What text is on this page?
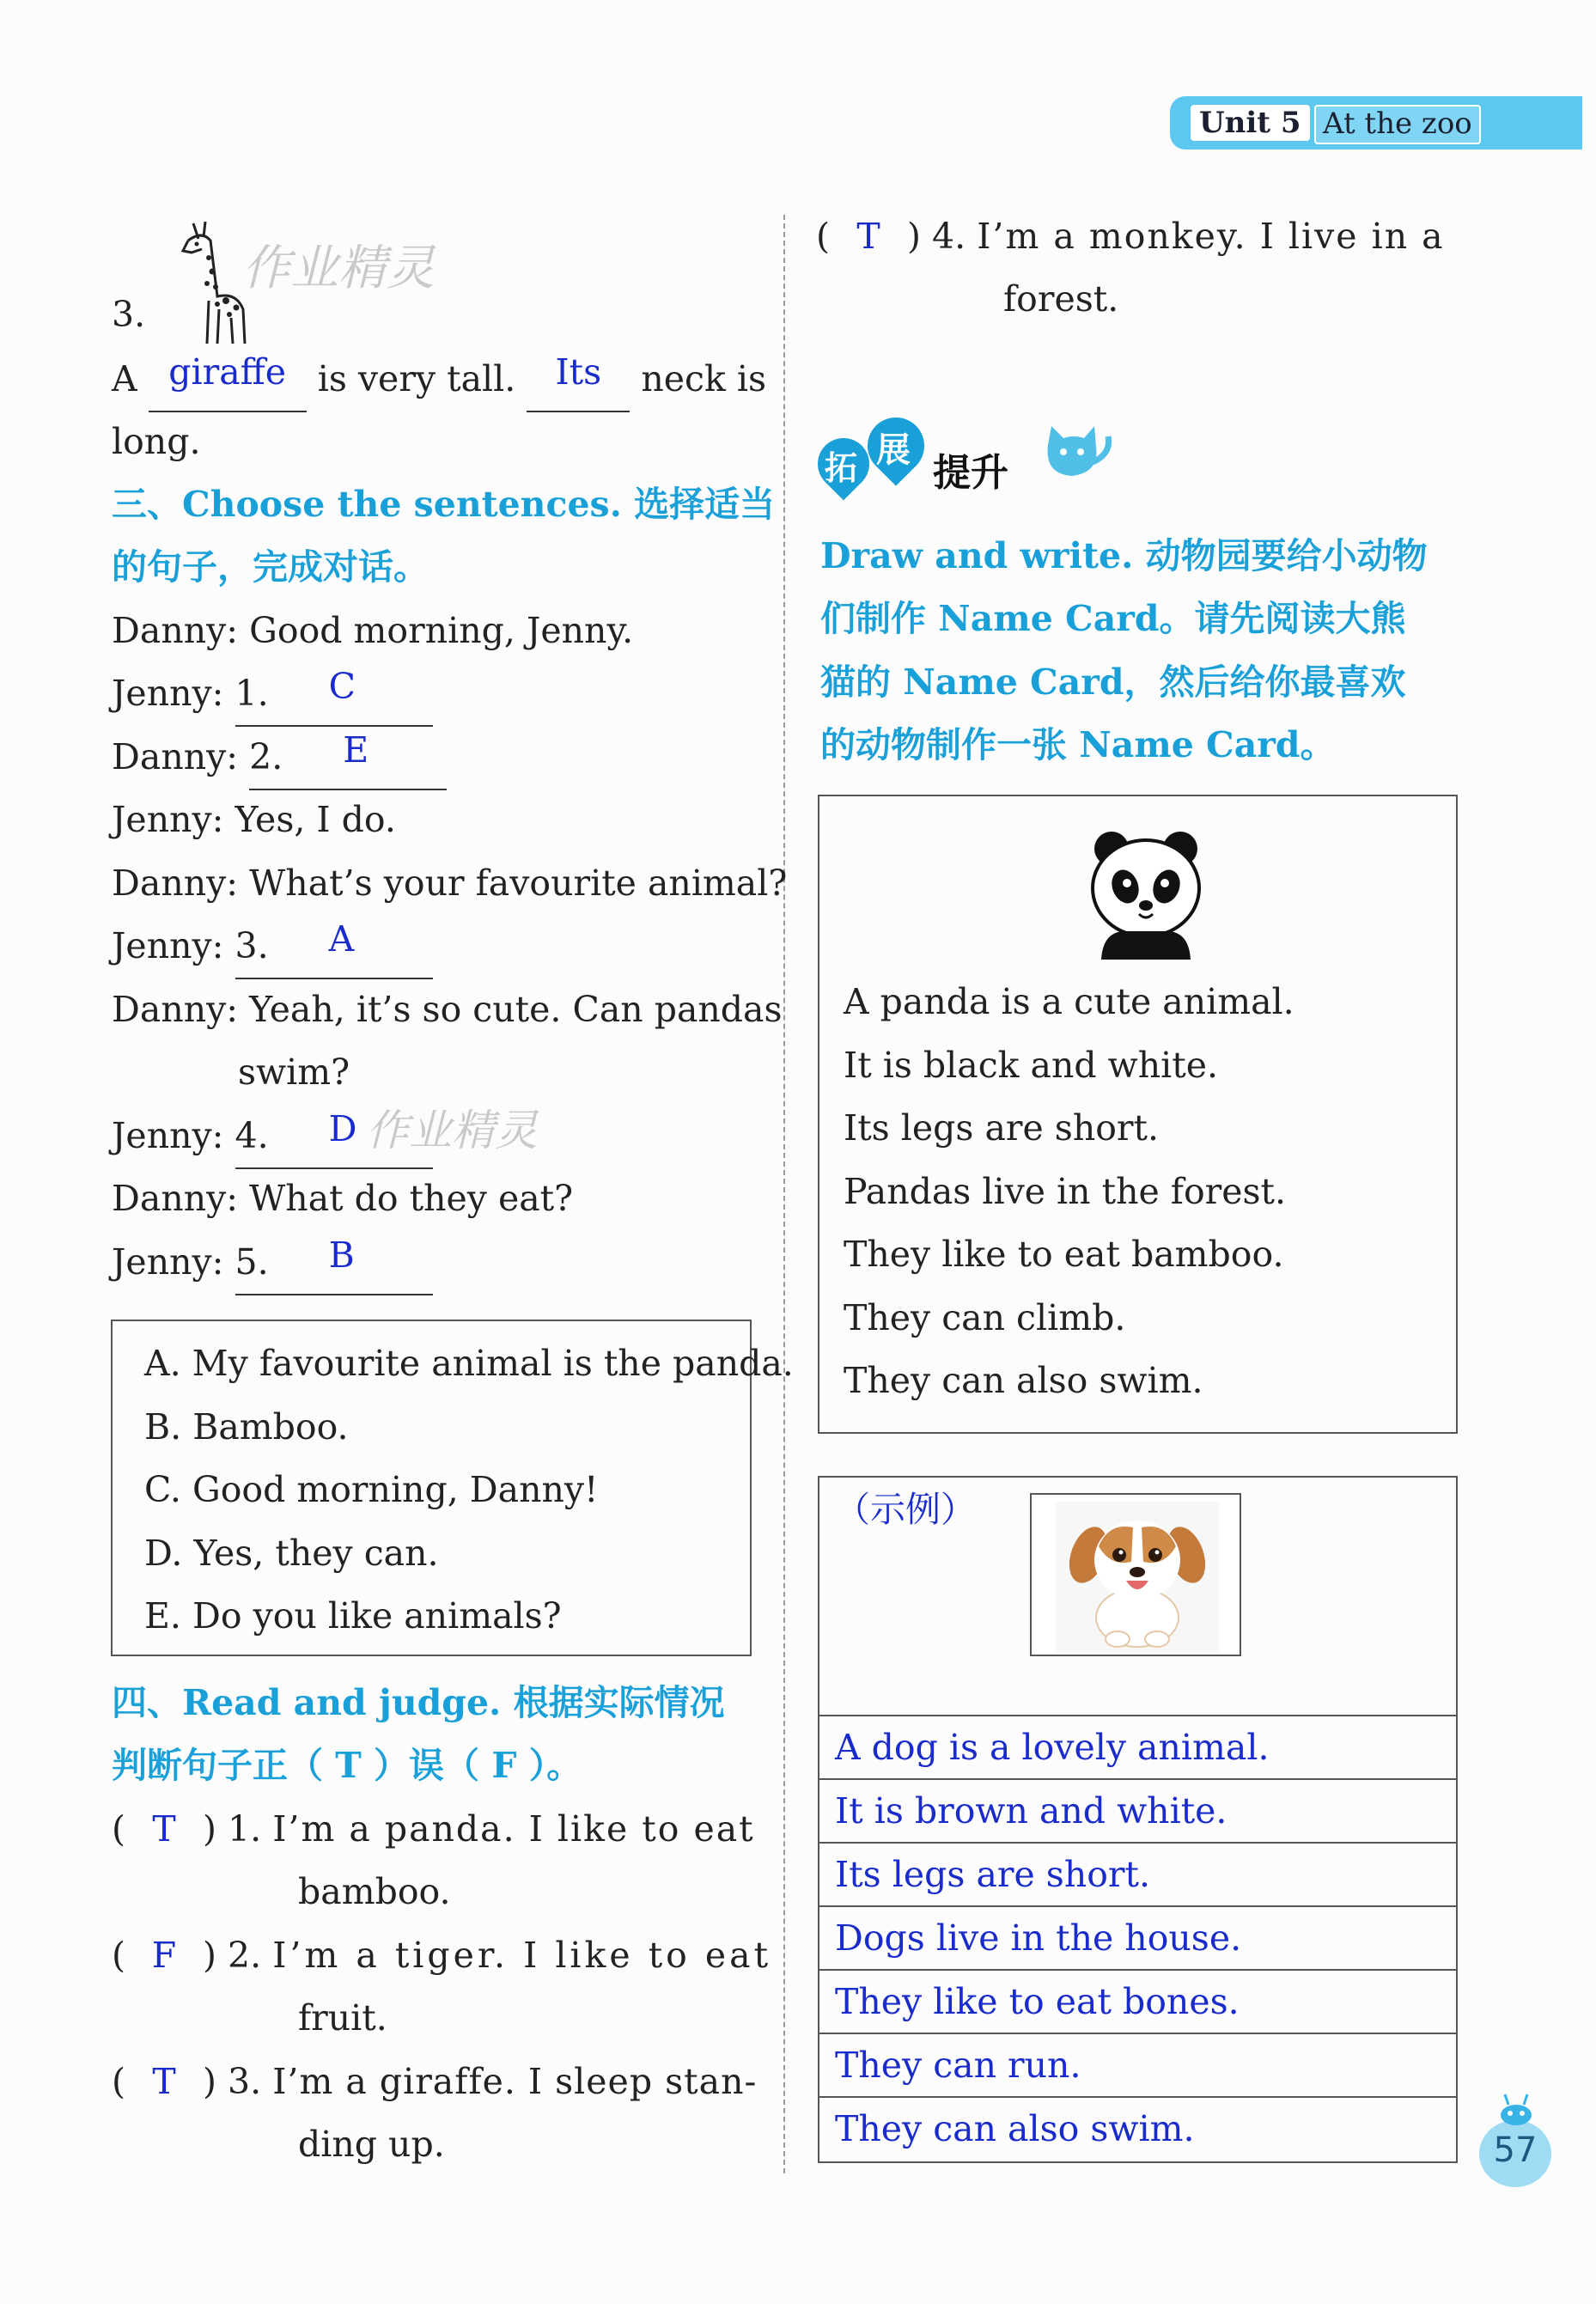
Unit 5 At the zoo
作业精灵
3.
A giraffe is very tall. Its neck is
long.
三、Choose the sentences. 选择适当
的句子，完成对话。
Danny: Good morning, Jenny.
Jenny: 1. C
Danny: 2. E
Jenny: Yes, I do.
Danny: What’s your favourite animal?
Jenny: 3. A
Danny: Yeah, it’s so cute. Can pandas
swim?
Jenny: 4. D 作业精灵
Danny: What do they eat?
Jenny: 5. B
A. My favourite animal is the panda.
B. Bamboo.
C. Good morning, Danny!
D. Yes, they can.
E. Do you like animals?
四、Read and judge. 根据实际情况
判断句子正（ T ）误（ F ）。
( T ) 1. I’m a panda. I like to eat
bamboo.
( F ) 2. I’m a tiger. I like to eat
fruit.
( T ) 3. I’m a giraffe. I sleep stan-
ding up.
( T ) 4. I’m a monkey. I live in a
forest.
拓 展
提升
Draw and write. 动物园要给小动物
们制作 Name Card。请先阅读大熊
猫的 Name Card，然后给你最喜欢
的动物制作一张 Name Card。
A panda is a cute animal.
It is black and white.
Its legs are short.
Pandas live in the forest.
They like to eat bamboo.
They can climb.
They can also swim.
（示例）
A dog is a lovely animal.
It is brown and white.
Its legs are short.
Dogs live in the house.
They like to eat bones.
They can run.
They can also swim.
57
